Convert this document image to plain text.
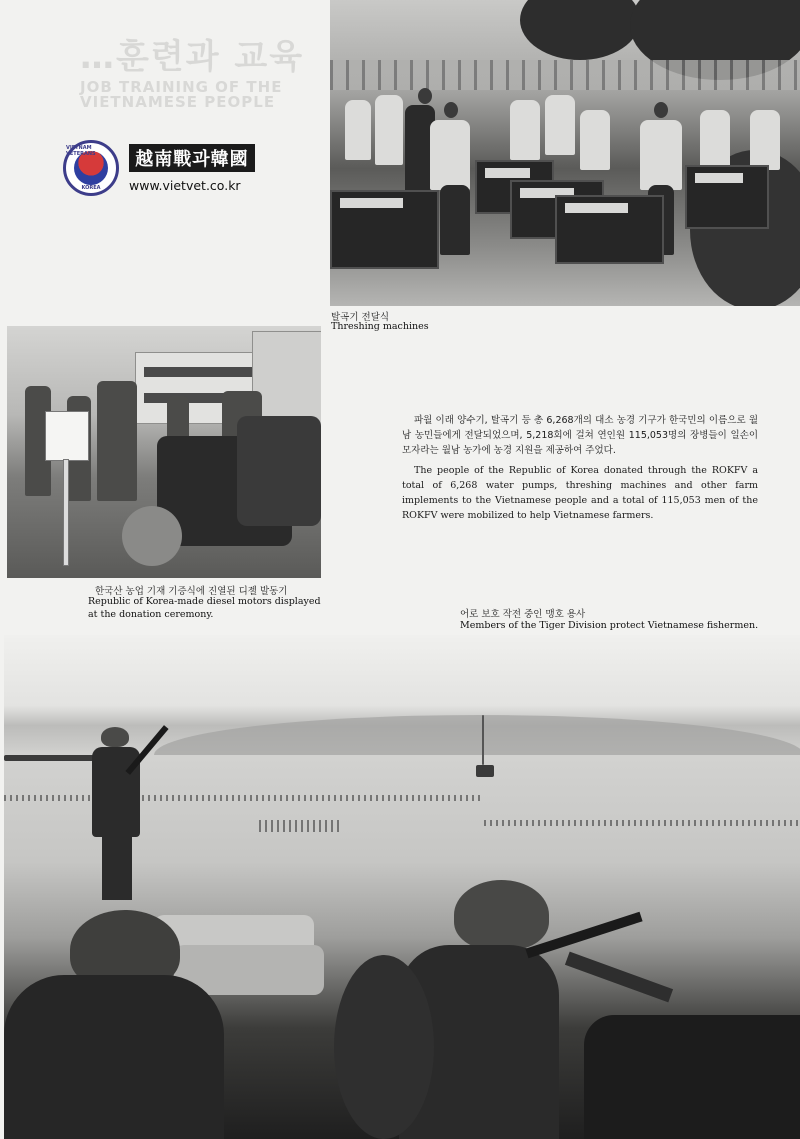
…훈련과 교육
JOB TRAINING OF THE
VIETNAMESE PEOPLE
VIETNAM VETERANS
KOREA
越南戰과韓國
www.vietvet.co.kr
탈곡기 전달식
Threshing machines
한국산 농업 기재 기증식에 진열된 디젤 발동기
Republic of Korea-made diesel motors displayed
at the donation ceremony.

파월 이래 양수기, 탈곡기 등 총 6,268개의 대소 농경 기구가 한국민의 이름으로 월남 농민들에게 전달되었으며, 5,218회에 걸쳐 연인원 115,053명의 장병들이 일손이 모자라는 월남 농가에 농경 지원을 제공하여 주었다.

The people of the Republic of Korea donated through the ROKFV a total of 6,268 water pumps, threshing machines and other farm implements to the Vietnamese people and a total of 115,053 men of the ROKFV were mobilized to help Vietnamese farmers.

어로 보호 작전 중인 맹호 용사
Members of the Tiger Division protect Vietnamese fishermen.
